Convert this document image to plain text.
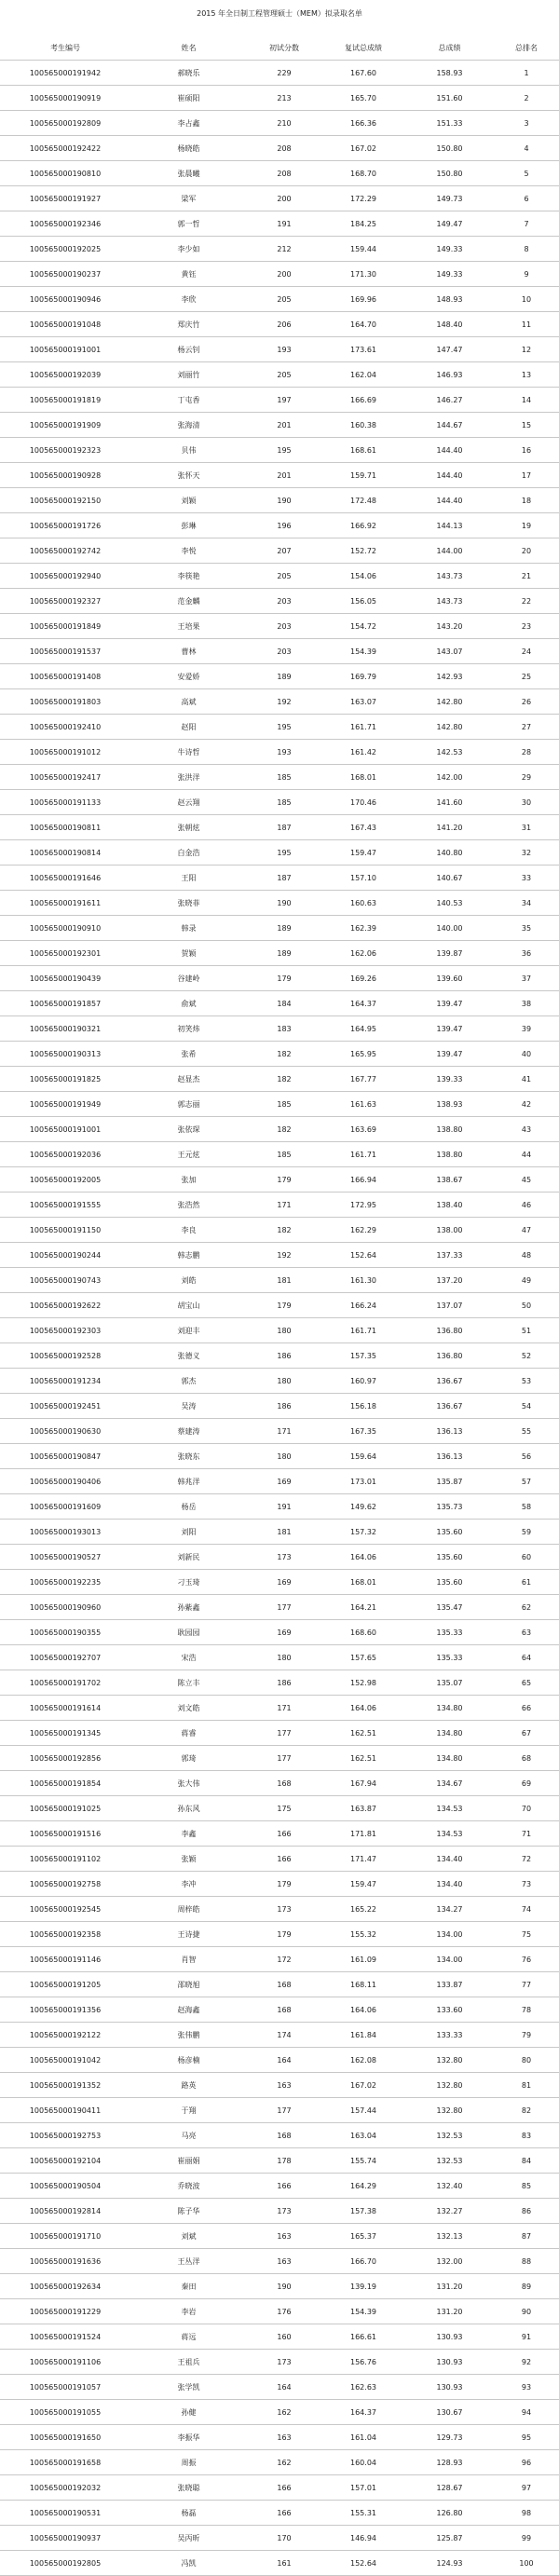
2015 年全日制工程管理硕士（MEM）拟录取名单
考生编号	姓名	初试分数	复试总成绩	总成绩	总排名
100565000191942	郝晓乐	229	167.60	158.93	1
100565000190919	崔硕阳	213	165.70	151.60	2
100565000192809	李占鑫	210	166.36	151.33	3
100565000192422	杨晓皓	208	167.02	150.80	4
100565000190810	张晨曦	208	168.70	150.80	5
100565000191927	梁军	200	172.29	149.73	6
100565000192346	郭一哲	191	184.25	149.47	7
100565000192025	李少如	212	159.44	149.33	8
100565000190237	黄钰	200	171.30	149.33	9
100565000190946	李欣	205	169.96	148.93	10
100565000191048	郑庆竹	206	164.70	148.40	11
100565000191001	杨云钊	193	173.61	147.47	12
100565000192039	刘丽竹	205	162.04	146.93	13
100565000191819	丁屯香	197	166.69	146.27	14
100565000191909	张海清	201	160.38	144.67	15
100565000192323	贝伟	195	168.61	144.40	16
100565000190928	张怀天	201	159.71	144.40	17
100565000192150	刘颖	190	172.48	144.40	18
100565000191726	彭琳	196	166.92	144.13	19
100565000192742	李悦	207	152.72	144.00	20
100565000192940	李筷艳	205	154.06	143.73	21
100565000192327	范金麟	203	156.05	143.73	22
100565000191849	王培果	203	154.72	143.20	23
100565000191537	曹林	203	154.39	143.07	24
100565000191408	安爱娇	189	169.79	142.93	25
100565000191803	高斌	192	163.07	142.80	26
100565000192410	赵阳	195	161.71	142.80	27
100565000191012	牛诗哲	193	161.42	142.53	28
100565000192417	张洪洋	185	168.01	142.00	29
100565000191133	赵云翔	185	170.46	141.60	30
100565000190811	张朝炫	187	167.43	141.20	31
100565000190814	白金浩	195	159.47	140.80	32
100565000191646	王阳	187	157.10	140.67	33
100565000191611	张晓菲	190	160.63	140.53	34
100565000190910	韩录	189	162.39	140.00	35
100565000192301	贺颖	189	162.06	139.87	36
100565000190439	谷建岭	179	169.26	139.60	37
100565000191857	俞斌	184	164.37	139.47	38
100565000190321	初笑炜	183	164.95	139.47	39
100565000190313	张希	182	165.95	139.47	40
100565000191825	赵显杰	182	167.77	139.33	41
100565000191949	郭志丽	185	161.63	138.93	42
100565000191001	张依琛	182	163.69	138.80	43
100565000192036	王元炫	185	161.71	138.80	44
100565000192005	张加	179	166.94	138.67	45
100565000191555	张浩然	171	172.95	138.40	46
100565000191150	李良	182	162.29	138.00	47
100565000190244	韩志鹏	192	152.64	137.33	48
100565000190743	刘皓	181	161.30	137.20	49
100565000192622	胡宝山	179	166.24	137.07	50
100565000192303	刘迎丰	180	161.71	136.80	51
100565000192528	张德义	186	157.35	136.80	52
100565000191234	郭杰	180	160.97	136.67	53
100565000192451	吴涛	186	156.18	136.67	54
100565000190630	蔡建涛	171	167.35	136.13	55
100565000190847	张晓东	180	159.64	136.13	56
100565000190406	韩兆洋	169	173.01	135.87	57
100565000191609	杨岳	191	149.62	135.73	58
100565000193013	刘阳	181	157.32	135.60	59
100565000190527	刘新民	173	164.06	135.60	60
100565000192235	刁玉琦	169	168.01	135.60	61
100565000190960	孙紫鑫	177	164.21	135.47	62
100565000190355	耿园园	169	168.60	135.33	63
100565000192707	宋浩	180	157.65	135.33	64
100565000191702	陈立丰	186	152.98	135.07	65
100565000191614	刘文皓	171	164.06	134.80	66
100565000191345	蒋睿	177	162.51	134.80	67
100565000192856	郭琦	177	162.51	134.80	68
100565000191854	张大伟	168	167.94	134.67	69
100565000191025	孙东风	175	163.87	134.53	70
100565000191516	李鑫	166	171.81	134.53	71
100565000191102	张颖	166	171.47	134.40	72
100565000192758	李冲	179	159.47	134.40	73
100565000192545	周梓皓	173	165.22	134.27	74
100565000192358	王诗捷	179	155.32	134.00	75
100565000191146	肖智	172	161.09	134.00	76
100565000191205	邵晓旭	168	168.11	133.87	77
100565000191356	赵海鑫	168	164.06	133.60	78
100565000192122	张伟鹏	174	161.84	133.33	79
100565000191042	杨彦楠	164	162.08	132.80	80
100565000191352	路英	163	167.02	132.80	81
100565000190411	于翔	177	157.44	132.80	82
100565000192753	马亮	168	163.04	132.53	83
100565000192104	崔丽娟	178	155.74	132.53	84
100565000190504	乔晓波	166	164.29	132.40	85
100565000192814	陈子华	173	157.38	132.27	86
100565000191710	刘斌	163	165.37	132.13	87
100565000191636	王丛洋	163	166.70	132.00	88
100565000192634	秦田	190	139.19	131.20	89
100565000191229	李岩	176	154.39	131.20	90
100565000191524	蒋远	160	166.61	130.93	91
100565000191106	王祖兵	173	156.76	130.93	92
100565000191057	张学凯	164	162.63	130.93	93
100565000191055	孙健	162	164.37	130.67	94
100565000191650	李振华	163	161.04	129.73	95
100565000191658	周振	162	160.04	128.93	96
100565000192032	张晓聪	166	157.01	128.67	97
100565000190531	杨磊	166	155.31	126.80	98
100565000190937	吴丙昕	170	146.94	125.87	99
100565000192805	冯凯	161	152.64	124.93	100
